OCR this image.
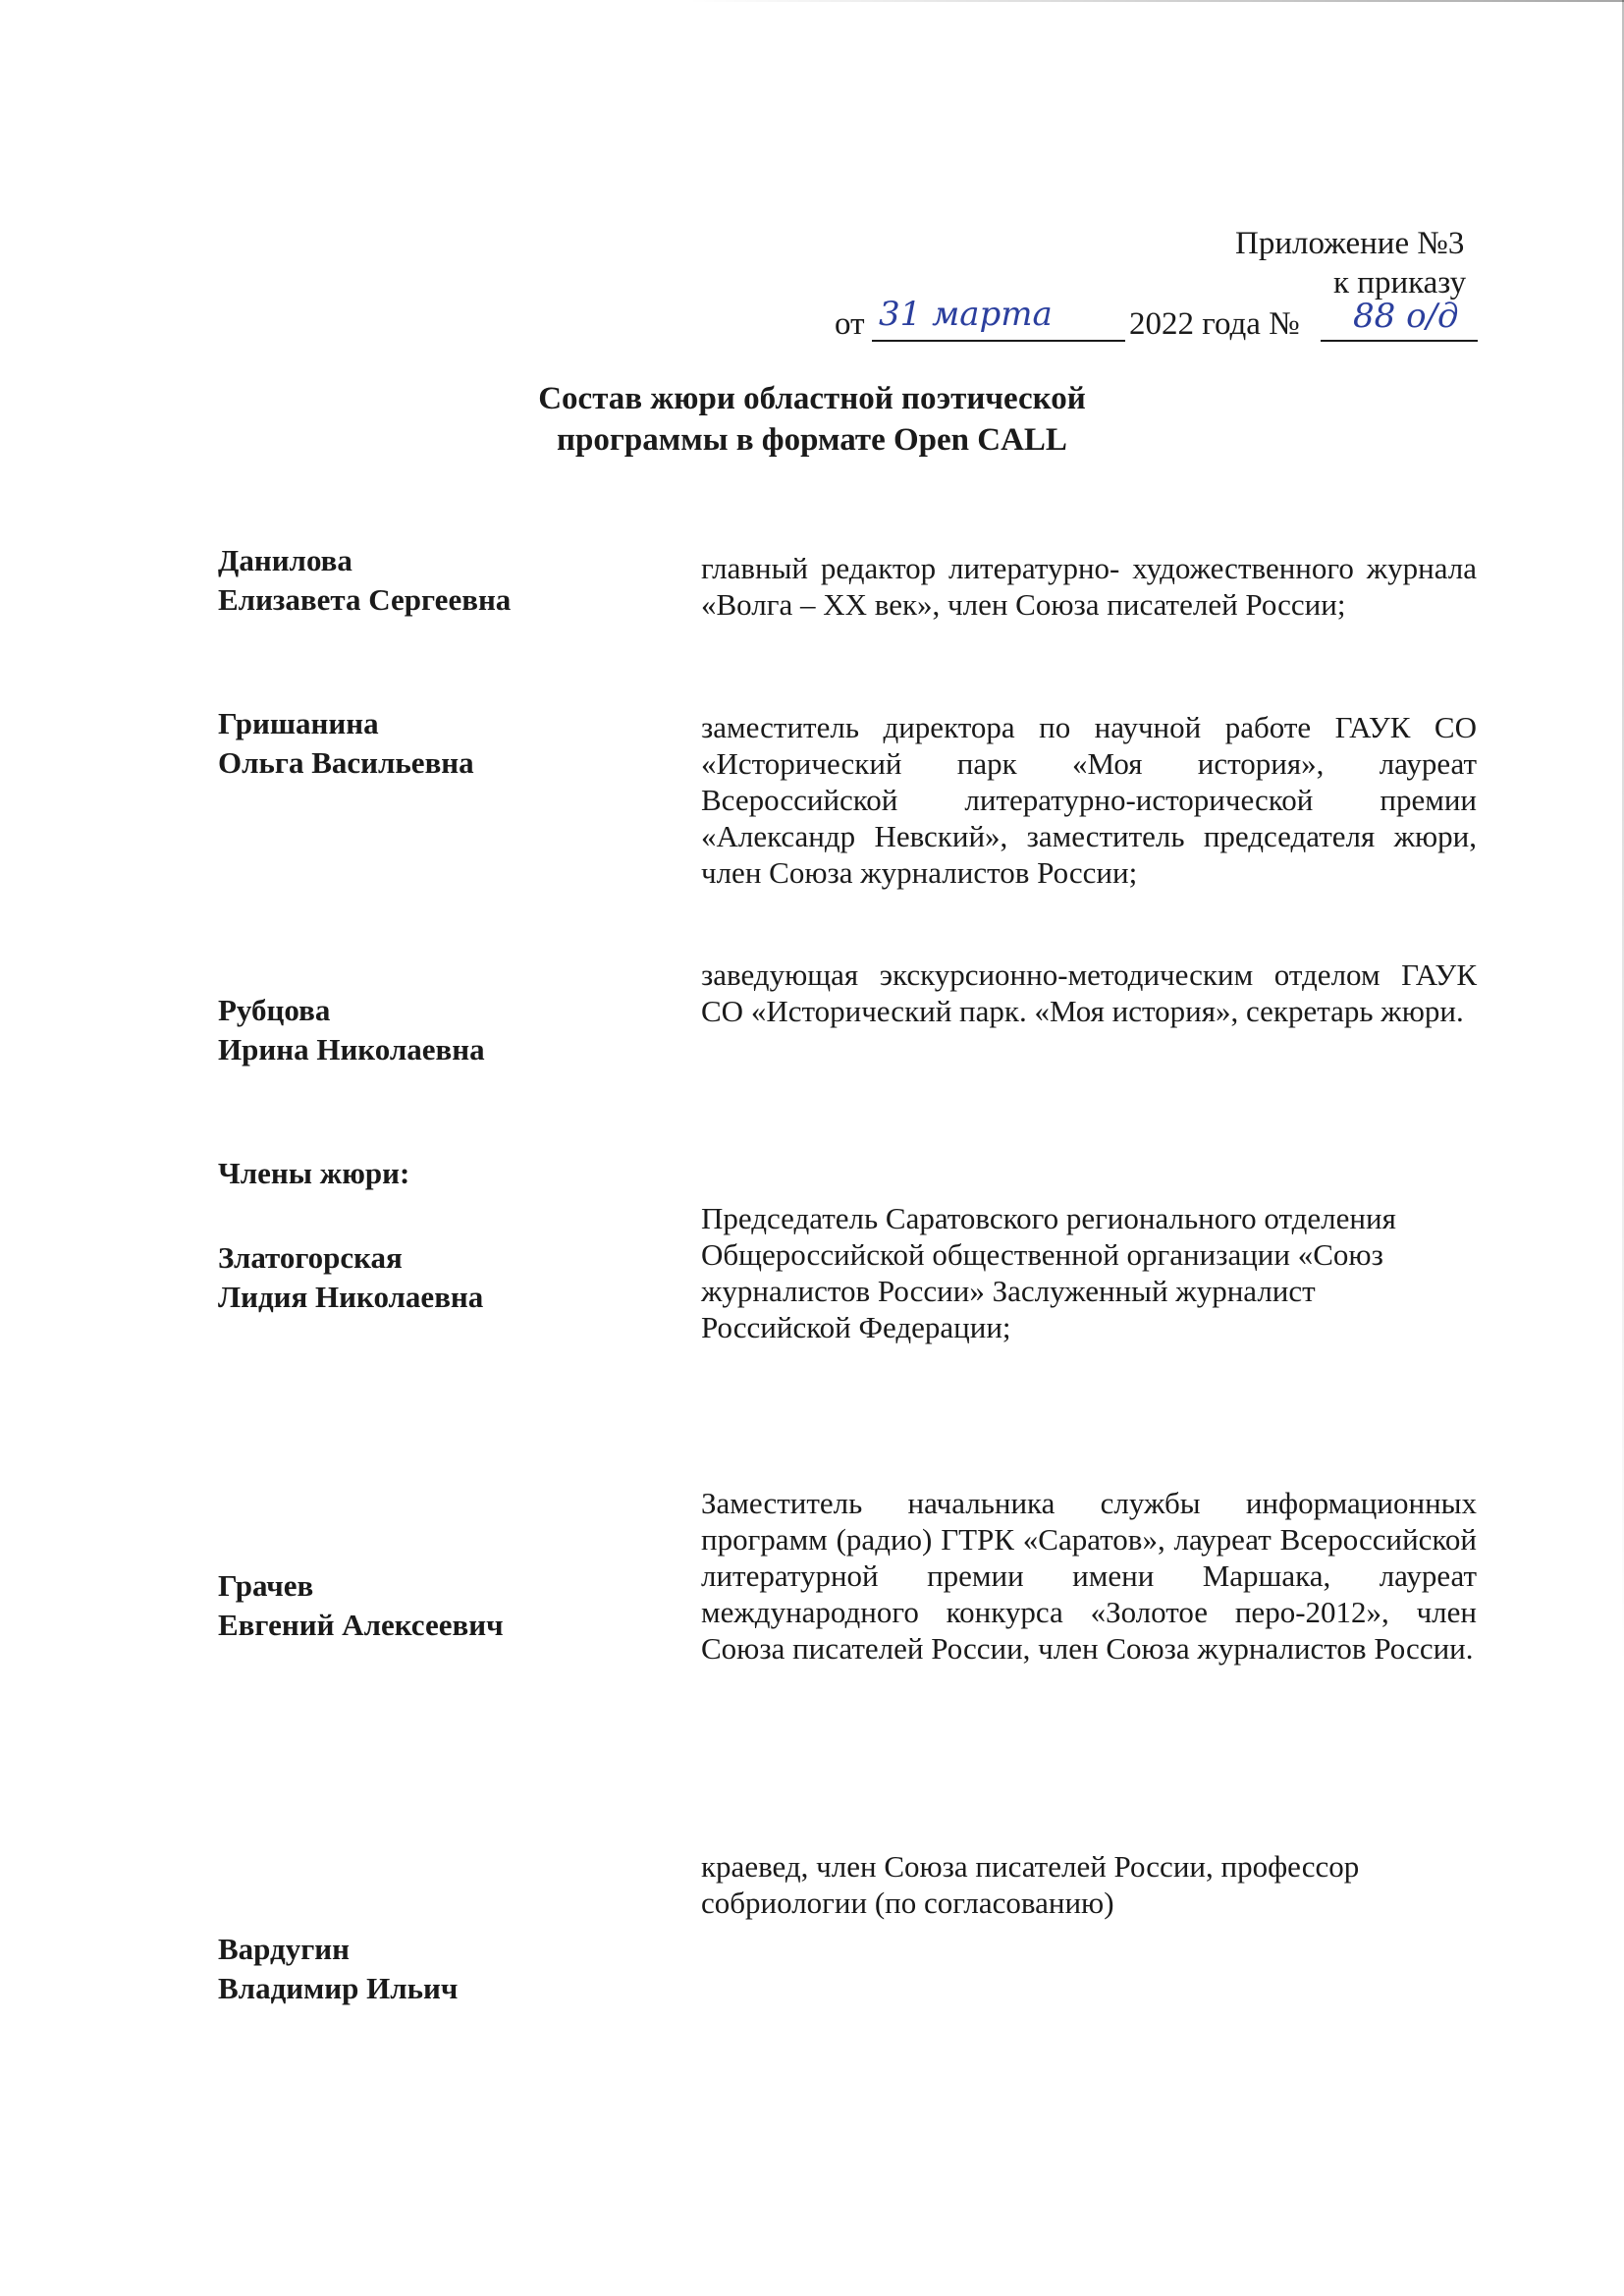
Приложение №3
к приказу
от 31 марта 2022 года № 88 о/д
Состав жюри областной поэтической
программы в формате Open CALL
Данилова
Елизавета Сергеевна
главный редактор литературно- художественного журнала «Волга – XX век», член Союза писателей России;
Гришанина
Ольга Васильевна
заместитель директора по научной работе ГАУК СО «Исторический парк «Моя история», лауреат Всероссийской литературно-исторической премии «Александр Невский», заместитель председателя жюри, член Союза журналистов России;
Рубцова
Ирина Николаевна
заведующая экскурсионно-методическим отделом ГАУК СО «Исторический парк. «Моя история», секретарь жюри.
Члены жюри:
Златогорская
Лидия Николаевна
Председатель Саратовского регионального отделения Общероссийской общественной организации «Союз журналистов России» Заслуженный журналист Российской Федерации;
Грачев
Евгений Алексеевич
Заместитель начальника службы информационных программ (радио) ГТРК «Саратов», лауреат Всероссийской литературной премии имени Маршака, лауреат международного конкурса «Золотое перо-2012», член Союза писателей России, член Союза журналистов России.
Вардугин
Владимир Ильич
краевед, член Союза писателей России, профессор собриологии (по согласованию)
